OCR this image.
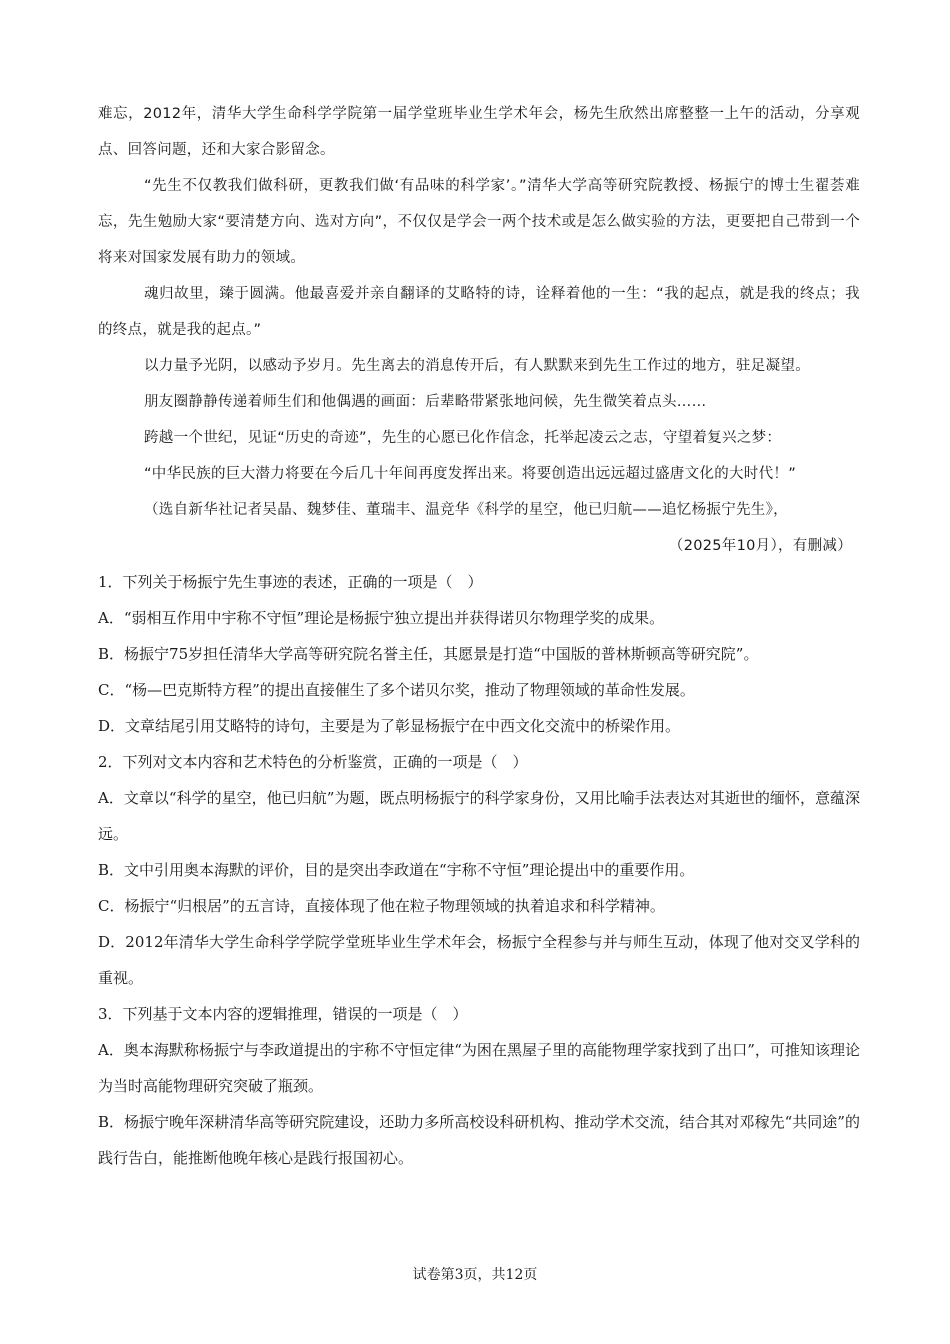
难忘，2012年，清华大学生命科学学院第一届学堂班毕业生学术年会，杨先生欣然出席整整一上午的活动，分享观点、回答问题，还和大家合影留念。

“先生不仅教我们做科研，更教我们做‘有品味的科学家’。”清华大学高等研究院教授、杨振宁的博士生翟荟难忘，先生勉励大家“要清楚方向、选对方向”，不仅仅是学会一两个技术或是怎么做实验的方法，更要把自己带到一个将来对国家发展有助力的领域。

魂归故里，臻于圆满。他最喜爱并亲自翻译的艾略特的诗，诠释着他的一生：“我的起点，就是我的终点；我的终点，就是我的起点。”

以力量予光阴，以感动予岁月。先生离去的消息传开后，有人默默来到先生工作过的地方，驻足凝望。

朋友圈静静传递着师生们和他偶遇的画面：后辈略带紧张地问候，先生微笑着点头……

跨越一个世纪，见证“历史的奇迹”，先生的心愿已化作信念，托举起凌云之志，守望着复兴之梦：

“中华民族的巨大潜力将要在今后几十年间再度发挥出来。将要创造出远远超过盛唐文化的大时代！”

（选自新华社记者吴晶、魏梦佳、董瑞丰、温竞华《科学的星空，他已归航——追忆杨振宁先生》，

（2025年10月），有删减）

1．下列关于杨振宁先生事迹的表述，正确的一项是（　）

A．“弱相互作用中宇称不守恒”理论是杨振宁独立提出并获得诺贝尔物理学奖的成果。

B．杨振宁75岁担任清华大学高等研究院名誉主任，其愿景是打造“中国版的普林斯顿高等研究院”。

C．“杨—巴克斯特方程”的提出直接催生了多个诺贝尔奖，推动了物理领域的革命性发展。

D．文章结尾引用艾略特的诗句，主要是为了彰显杨振宁在中西文化交流中的桥梁作用。

2．下列对文本内容和艺术特色的分析鉴赏，正确的一项是（　）

A．文章以“科学的星空，他已归航”为题，既点明杨振宁的科学家身份，又用比喻手法表达对其逝世的缅怀，意蕴深远。

B．文中引用奥本海默的评价，目的是突出李政道在“宇称不守恒”理论提出中的重要作用。

C．杨振宁“归根居”的五言诗，直接体现了他在粒子物理领域的执着追求和科学精神。

D．2012年清华大学生命科学学院学堂班毕业生学术年会，杨振宁全程参与并与师生互动，体现了他对交叉学科的重视。

3．下列基于文本内容的逻辑推理，错误的一项是（　）

A．奥本海默称杨振宁与李政道提出的宇称不守恒定律“为困在黑屋子里的高能物理学家找到了出口”，可推知该理论为当时高能物理研究突破了瓶颈。

B．杨振宁晚年深耕清华高等研究院建设，还助力多所高校设科研机构、推动学术交流，结合其对邓稼先“共同途”的践行告白，能推断他晚年核心是践行报国初心。

试卷第3页，共12页
